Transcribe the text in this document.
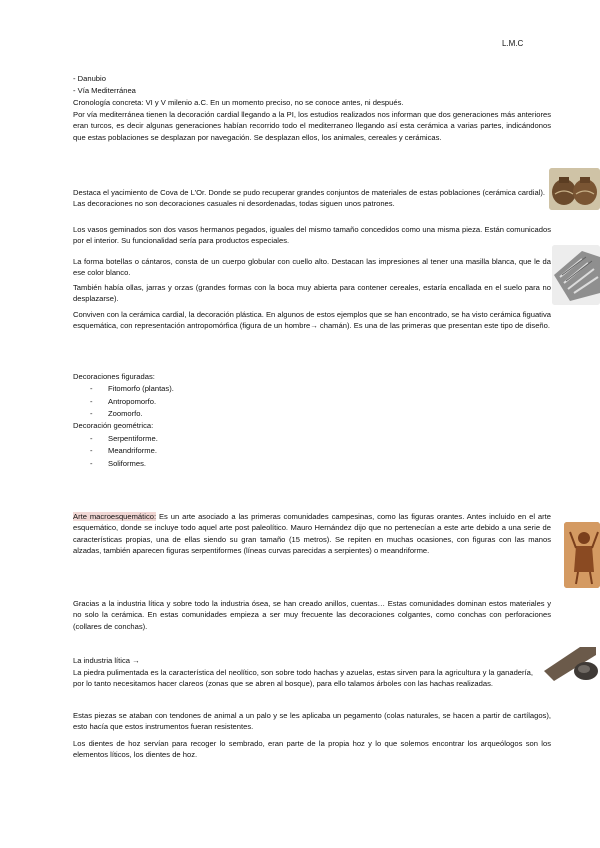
L.M.C
- Danubio
- Vía Mediterránea
Cronología concreta: VI y V milenio a.C. En un momento preciso, no se conoce antes, ni después.

Por vía mediterránea tienen la decoración cardial llegando a la PI, los estudios realizados nos informan que dos generaciones más anteriores eran turcos, es decir algunas generaciones habían recorrido todo el mediterraneo llegando así esta cerámica a varias partes, indicándonos que estas poblaciones se desplazan por navegación. Se desplazan ellos, los animales, cereales y cerámicas.

Destaca el yacimiento de Cova de L’Or. Donde se pudo recuperar grandes conjuntos de materiales de estas poblaciones (cerámica cardial). Las decoraciones no son decoraciones casuales ni desordenadas, todas siguen unos patrones.

Los vasos geminados son dos vasos hermanos pegados, iguales del mismo tamaño concedidos como una misma pieza. Están comunicados por el interior. Su funcionalidad sería para productos especiales.

La forma botellas o cántaros, consta de un cuerpo globular con cuello alto. Destacan las impresiones al tener una masilla blanca, que le da ese color blanco.

También había ollas, jarras y orzas (grandes formas con la boca muy abierta para contener cereales, estaría encallada en el suelo para no desplazarse).

Conviven con la cerámica cardial, la decoración plástica. En algunos de estos ejemplos que se han encontrado, se ha visto cerámica figuativa esquemática, con representación antropomórfica (figura de un hombre→ chamán). Es una de las primeras que presentan este tipo de diseño.

Decoraciones figuradas:
- Fitomorfo (plantas).
- Antropomorfo.
- Zoomorfo.
Decoración geométrica:
- Serpentiforme.
- Meandriforme.
- Soliformes.

Arte macroesquemático: Es un arte asociado a las primeras comunidades campesinas, como las figuras orantes. Antes incluido en el arte esquemático, donde se incluye todo aquel arte post paleolítico. Mauro Hernández dijo que no pertenecían a este arte debido a una serie de características propias, una de ellas siendo su gran tamaño (15 metros). Se repiten en muchas ocasiones, con figuras con las manos alzadas, también aparecen figuras serpentiformes (líneas curvas parecidas a serpientes) o meandriforme.

Gracias a la industria lítica y sobre todo la industria ósea, se han creado anillos, cuentas… Estas comunidades dominan estos materiales y no solo la cerámica. En estas comunidades empieza a ser muy frecuente las decoraciones colgantes, como conchas con perforaciones (collares de conchas).

La industria lítica →

La piedra pulimentada es la característica del neolítico, son sobre todo hachas y azuelas, estas sirven para la agricultura y la ganadería, por lo tanto necesitamos hacer clareos (zonas que se abren al bosque), para ello talamos árboles con las hachas realizadas.

Estas piezas se ataban con tendones de animal a un palo y se les aplicaba un pegamento (colas naturales, se hacen a partir de cartílagos), esto hacía que estos instrumentos fueran resistentes.

Los dientes de hoz servían para recoger lo sembrado, eran parte de la propia hoz y lo que solemos encontrar los arqueólogos son los elementos líticos, los dientes de hoz.
